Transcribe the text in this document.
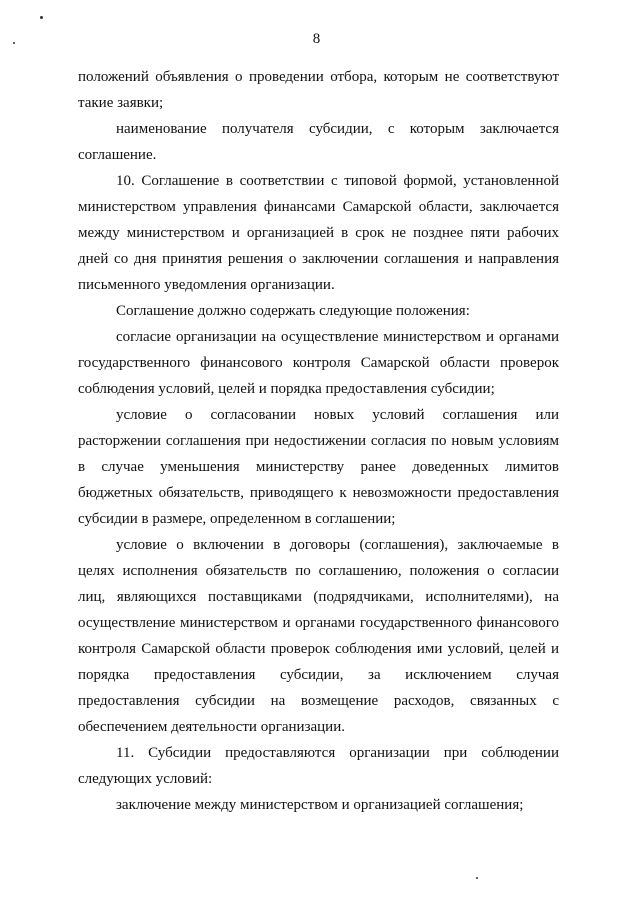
8

положений объявления о проведении отбора, которым не соответствуют такие заявки;

наименование получателя субсидии, с которым заключается соглашение.

10. Соглашение в соответствии с типовой формой, установленной министерством управления финансами Самарской области, заключается между министерством и организацией в срок не позднее пяти рабочих дней со дня принятия решения о заключении соглашения и направления письменного уведомления организации.

Соглашение должно содержать следующие положения:

согласие организации на осуществление министерством и органами государственного финансового контроля Самарской области проверок соблюдения условий, целей и порядка предоставления субсидии;

условие о согласовании новых условий соглашения или расторжении соглашения при недостижении согласия по новым условиям в случае уменьшения министерству ранее доведенных лимитов бюджетных обязательств, приводящего к невозможности предоставления субсидии в размере, определенном в соглашении;

условие о включении в договоры (соглашения), заключаемые в целях исполнения обязательств по соглашению, положения о согласии лиц, являющихся поставщиками (подрядчиками, исполнителями), на осуществление министерством и органами государственного финансового контроля Самарской области проверок соблюдения ими условий, целей и порядка предоставления субсидии, за исключением случая предоставления субсидии на возмещение расходов, связанных с обеспечением деятельности организации.

11. Субсидии предоставляются организации при соблюдении следующих условий:

заключение между министерством и организацией соглашения;
